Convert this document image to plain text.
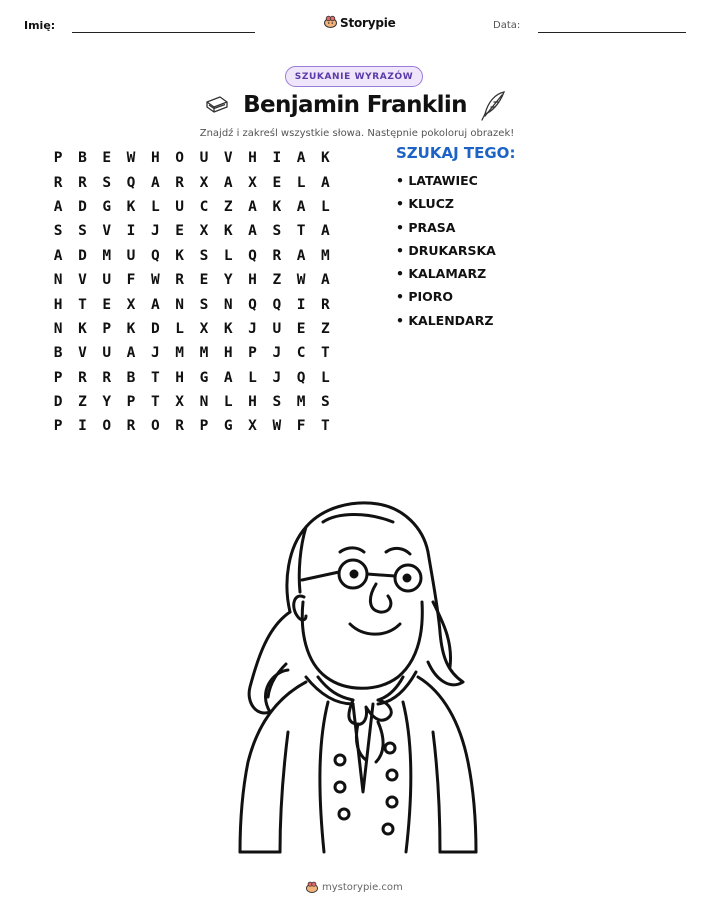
Imię:	Storypie	Data:
SZUKANIE WYRAZÓW
Benjamin Franklin
Znajdź i zakreśl wszystkie słowa. Następnie pokoloruj obrazek!
P	B	E	W	H	O	U	V	H	I	A	K
R	R	S	Q	A	R	X	A	X	E	L	A
A	D	G	K	L	U	C	Z	A	K	A	L
S	S	V	I	J	E	X	K	A	S	T	A
A	D	M	U	Q	K	S	L	Q	R	A	M
N	V	U	F	W	R	E	Y	H	Z	W	A
H	T	E	X	A	N	S	N	Q	Q	I	R
N	K	P	K	D	L	X	K	J	U	E	Z
B	V	U	A	J	M	M	H	P	J	C	T
P	R	R	B	T	H	G	A	L	J	Q	L
D	Z	Y	P	T	X	N	L	H	S	M	S
P	I	O	R	O	R	P	G	X	W	F	T
SZUKAJ TEGO:
• LATAWIEC
• KLUCZ
• PRASA
• DRUKARSKA
• KALAMARZ
• PIORO
• KALENDARZ
mystorypie.com
